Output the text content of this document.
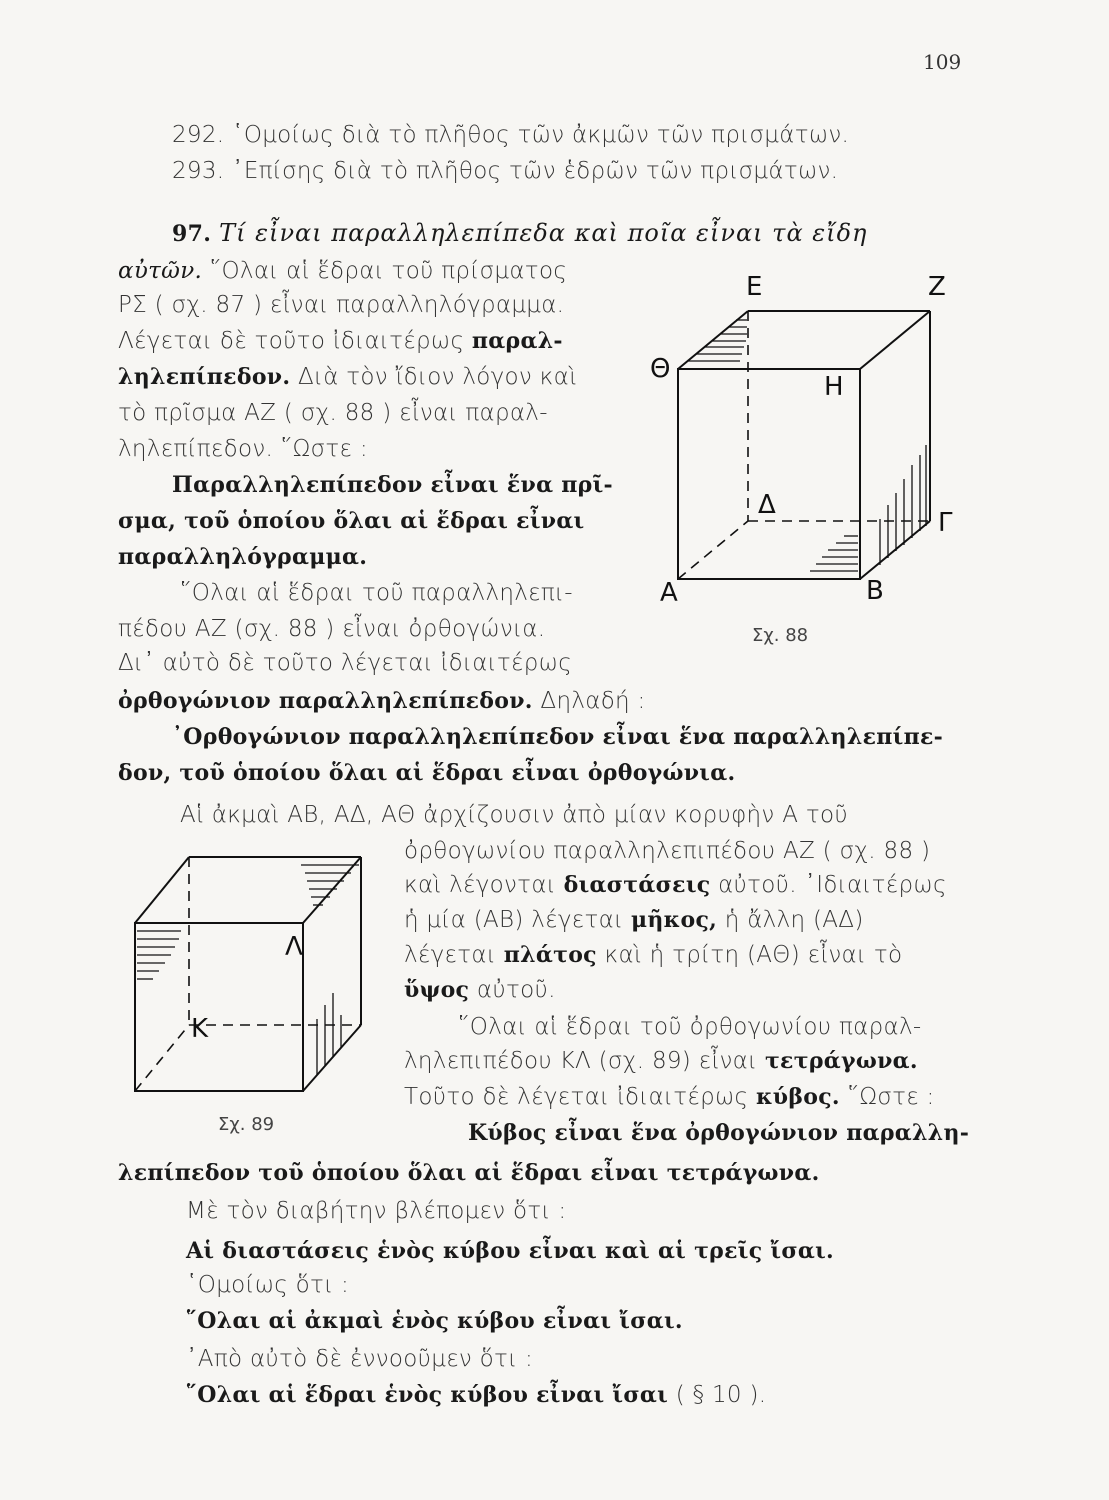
109
292. ῾Ομοίως διὰ τὸ πλῆθος τῶν ἀκμῶν τῶν πρισμάτων.
293. ᾿Επίσης διὰ τὸ πλῆθος τῶν ἑδρῶν τῶν πρισμάτων.
97. Τί εἶναι παραλληλεπίπεδα καὶ ποῖα εἶναι τὰ εἴδη
αὐτῶν. ῞Ολαι αἱ ἕδραι τοῦ πρίσματος
ΡΣ ( σχ. 87 ) εἶναι παραλληλόγραμμα.
Λέγεται δὲ τοῦτο ἰδιαιτέρως παραλ-
ληλεπίπεδον. Διὰ τὸν ἴδιον λόγον καὶ
τὸ πρῖσμα ΑΖ ( σχ. 88 ) εἶναι παραλ-
ληλεπίπεδον. ῞Ωστε :
Παραλληλεπίπεδον εἶναι ἕνα πρῖ-
σμα, τοῦ ὁποίου ὅλαι αἱ ἕδραι εἶναι
παραλληλόγραμμα.
῞Ολαι αἱ ἕδραι τοῦ παραλληλεπι-
πέδου ΑΖ (σχ. 88 ) εἶναι ὀρθογώνια.
Δι᾿ αὐτὸ δὲ τοῦτο λέγεται ἰδιαιτέρως
ὀρθογώνιον παραλληλεπίπεδον. Δηλαδή :
᾿Ορθογώνιον παραλληλεπίπεδον εἶναι ἕνα παραλληλεπίπε-
δον, τοῦ ὁποίου ὅλαι αἱ ἕδραι εἶναι ὀρθογώνια.
Αἱ ἀκμαὶ ΑΒ, ΑΔ, ΑΘ ἀρχίζουσιν ἀπὸ μίαν κορυφὴν Α τοῦ
ὀρθογωνίου παραλληλεπιπέδου ΑΖ ( σχ. 88 )
καὶ λέγονται διαστάσεις αὐτοῦ. ᾿Ιδιαιτέρως
ἡ μία (ΑΒ) λέγεται μῆκος, ἡ ἄλλη (ΑΔ)
λέγεται πλάτος καὶ ἡ τρίτη (ΑΘ) εἶναι τὸ
ὕψος αὐτοῦ.
῞Ολαι αἱ ἕδραι τοῦ ὀρθογωνίου παραλ-
ληλεπιπέδου ΚΛ (σχ. 89) εἶναι τετράγωνα.
Τοῦτο δὲ λέγεται ἰδιαιτέρως κύβος. ῞Ωστε :
Κύβος εἶναι ἕνα ὀρθογώνιον παραλλη-
λεπίπεδον τοῦ ὁποίου ὅλαι αἱ ἕδραι εἶναι τετράγωνα.
Μὲ τὸν διαβήτην βλέπομεν ὅτι :
Αἱ διαστάσεις ἑνὸς κύβου εἶναι καὶ αἱ τρεῖς ἴσαι.
῾Ομοίως ὅτι :
῞Ολαι αἱ ἀκμαὶ ἑνὸς κύβου εἶναι ἴσαι.
᾿Απὸ αὐτὸ δὲ ἐννοοῦμεν ὅτι :
῞Ολαι αἱ ἕδραι ἑνὸς κύβου εἶναι ἴσαι ( § 10 ).
Ε	Ζ
Θ
Η
Δ
Γ
Α	Β
Σχ. 88
Λ
Κ
Σχ. 89
